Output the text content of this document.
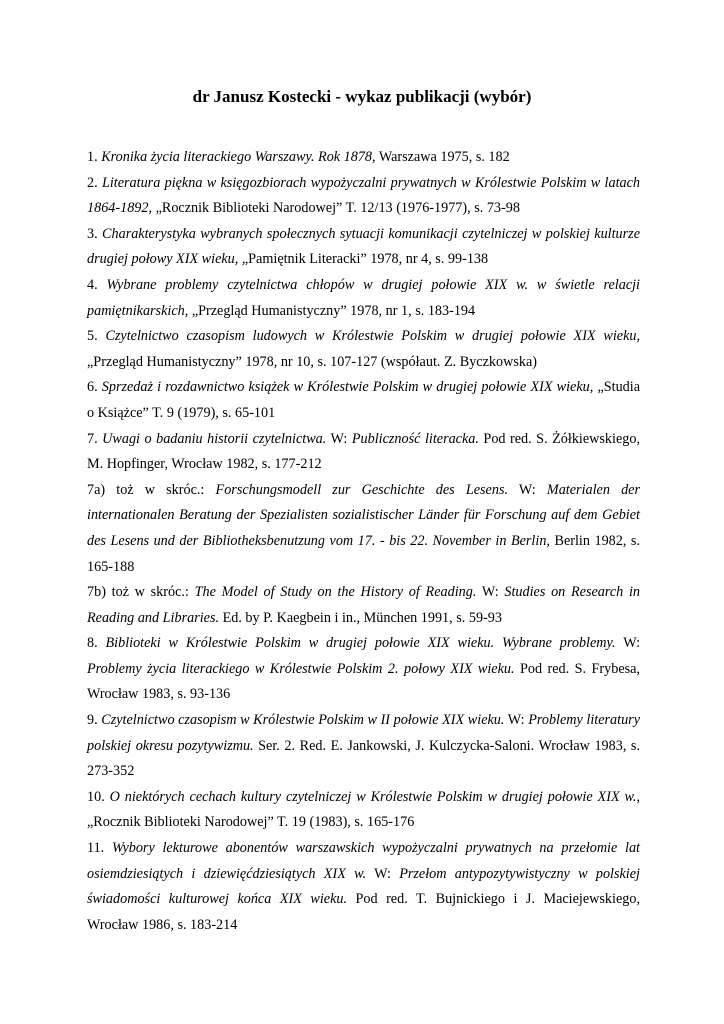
dr Janusz Kostecki - wykaz publikacji (wybór)

1. Kronika życia literackiego Warszawy. Rok 1878, Warszawa 1975, s. 182

2. Literatura piękna w księgozbiorach wypożyczalni prywatnych w Królestwie Polskim w latach 1864-1892, „Rocznik Biblioteki Narodowej” T. 12/13 (1976-1977), s. 73-98

3. Charakterystyka wybranych społecznych sytuacji komunikacji czytelniczej w polskiej kulturze drugiej połowy XIX wieku, „Pamiętnik Literacki” 1978, nr 4, s. 99-138

4. Wybrane problemy czytelnictwa chłopów w drugiej połowie XIX w. w świetle relacji pamiętnikarskich, „Przegląd Humanistyczny” 1978, nr 1, s. 183-194

5. Czytelnictwo czasopism ludowych w Królestwie Polskim w drugiej połowie XIX wieku, „Przegląd Humanistyczny” 1978, nr 10, s. 107-127 (współaut. Z. Byczkowska)

6. Sprzedaż i rozdawnictwo książek w Królestwie Polskim w drugiej połowie XIX wieku, „Studia o Książce” T. 9 (1979), s. 65-101

7. Uwagi o badaniu historii czytelnictwa. W: Publiczność literacka. Pod red. S. Żółkiewskiego, M. Hopfinger, Wrocław 1982, s. 177-212

7a) toż w skróc.: Forschungsmodell zur Geschichte des Lesens. W: Materialen der internationalen Beratung der Spezialisten sozialistischer Länder für Forschung auf dem Gebiet des Lesens und der Bibliotheksbenutzung vom 17. - bis 22. November in Berlin, Berlin 1982, s. 165-188

7b) toż w skróc.: The Model of Study on the History of Reading. W: Studies on Research in Reading and Libraries. Ed. by P. Kaegbein i in., München 1991, s. 59-93

8. Biblioteki w Królestwie Polskim w drugiej połowie XIX wieku. Wybrane problemy. W: Problemy życia literackiego w Królestwie Polskim 2. połowy XIX wieku. Pod red. S. Frybesa, Wrocław 1983, s. 93-136

9. Czytelnictwo czasopism w Królestwie Polskim w II połowie XIX wieku. W: Problemy literatury polskiej okresu pozytywizmu. Ser. 2. Red. E. Jankowski, J. Kulczycka-Saloni. Wrocław 1983, s. 273-352

10. O niektórych cechach kultury czytelniczej w Królestwie Polskim w drugiej połowie XIX w., „Rocznik Biblioteki Narodowej” T. 19 (1983), s. 165-176

11. Wybory lekturowe abonentów warszawskich wypożyczalni prywatnych na przełomie lat osiemdziesiątych i dziewięćdziesiątych XIX w. W: Przełom antypozytywistyczny w polskiej świadomości kulturowej końca XIX wieku. Pod red. T. Bujnickiego i J. Maciejewskiego, Wrocław 1986, s. 183-214
